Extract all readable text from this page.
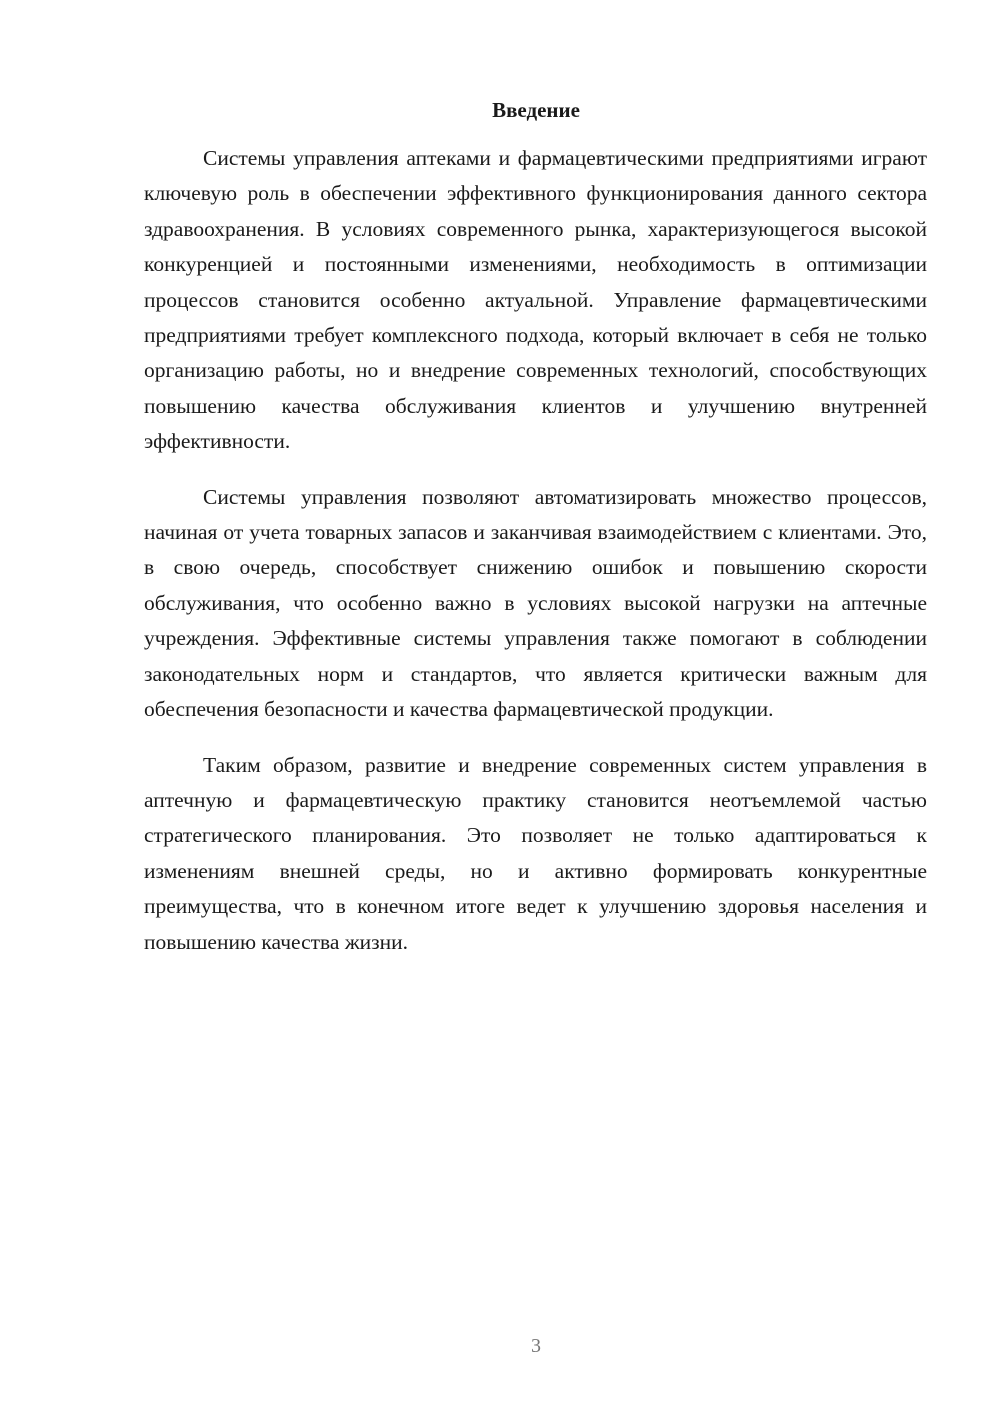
Введение

Системы управления аптеками и фармацевтическими предприятиями играют ключевую роль в обеспечении эффективного функционирования данного сектора здравоохранения. В условиях современного рынка, характеризующегося высокой конкуренцией и постоянными изменениями, необходимость в оптимизации процессов становится особенно актуальной. Управление фармацевтическими предприятиями требует комплексного подхода, который включает в себя не только организацию работы, но и внедрение современных технологий, способствующих повышению качества обслуживания клиентов и улучшению внутренней эффективности.

Системы управления позволяют автоматизировать множество процессов, начиная от учета товарных запасов и заканчивая взаимодействием с клиентами. Это, в свою очередь, способствует снижению ошибок и повышению скорости обслуживания, что особенно важно в условиях высокой нагрузки на аптечные учреждения. Эффективные системы управления также помогают в соблюдении законодательных норм и стандартов, что является критически важным для обеспечения безопасности и качества фармацевтической продукции.

Таким образом, развитие и внедрение современных систем управления в аптечную и фармацевтическую практику становится неотъемлемой частью стратегического планирования. Это позволяет не только адаптироваться к изменениям внешней среды, но и активно формировать конкурентные преимущества, что в конечном итоге ведет к улучшению здоровья населения и повышению качества жизни.

3
